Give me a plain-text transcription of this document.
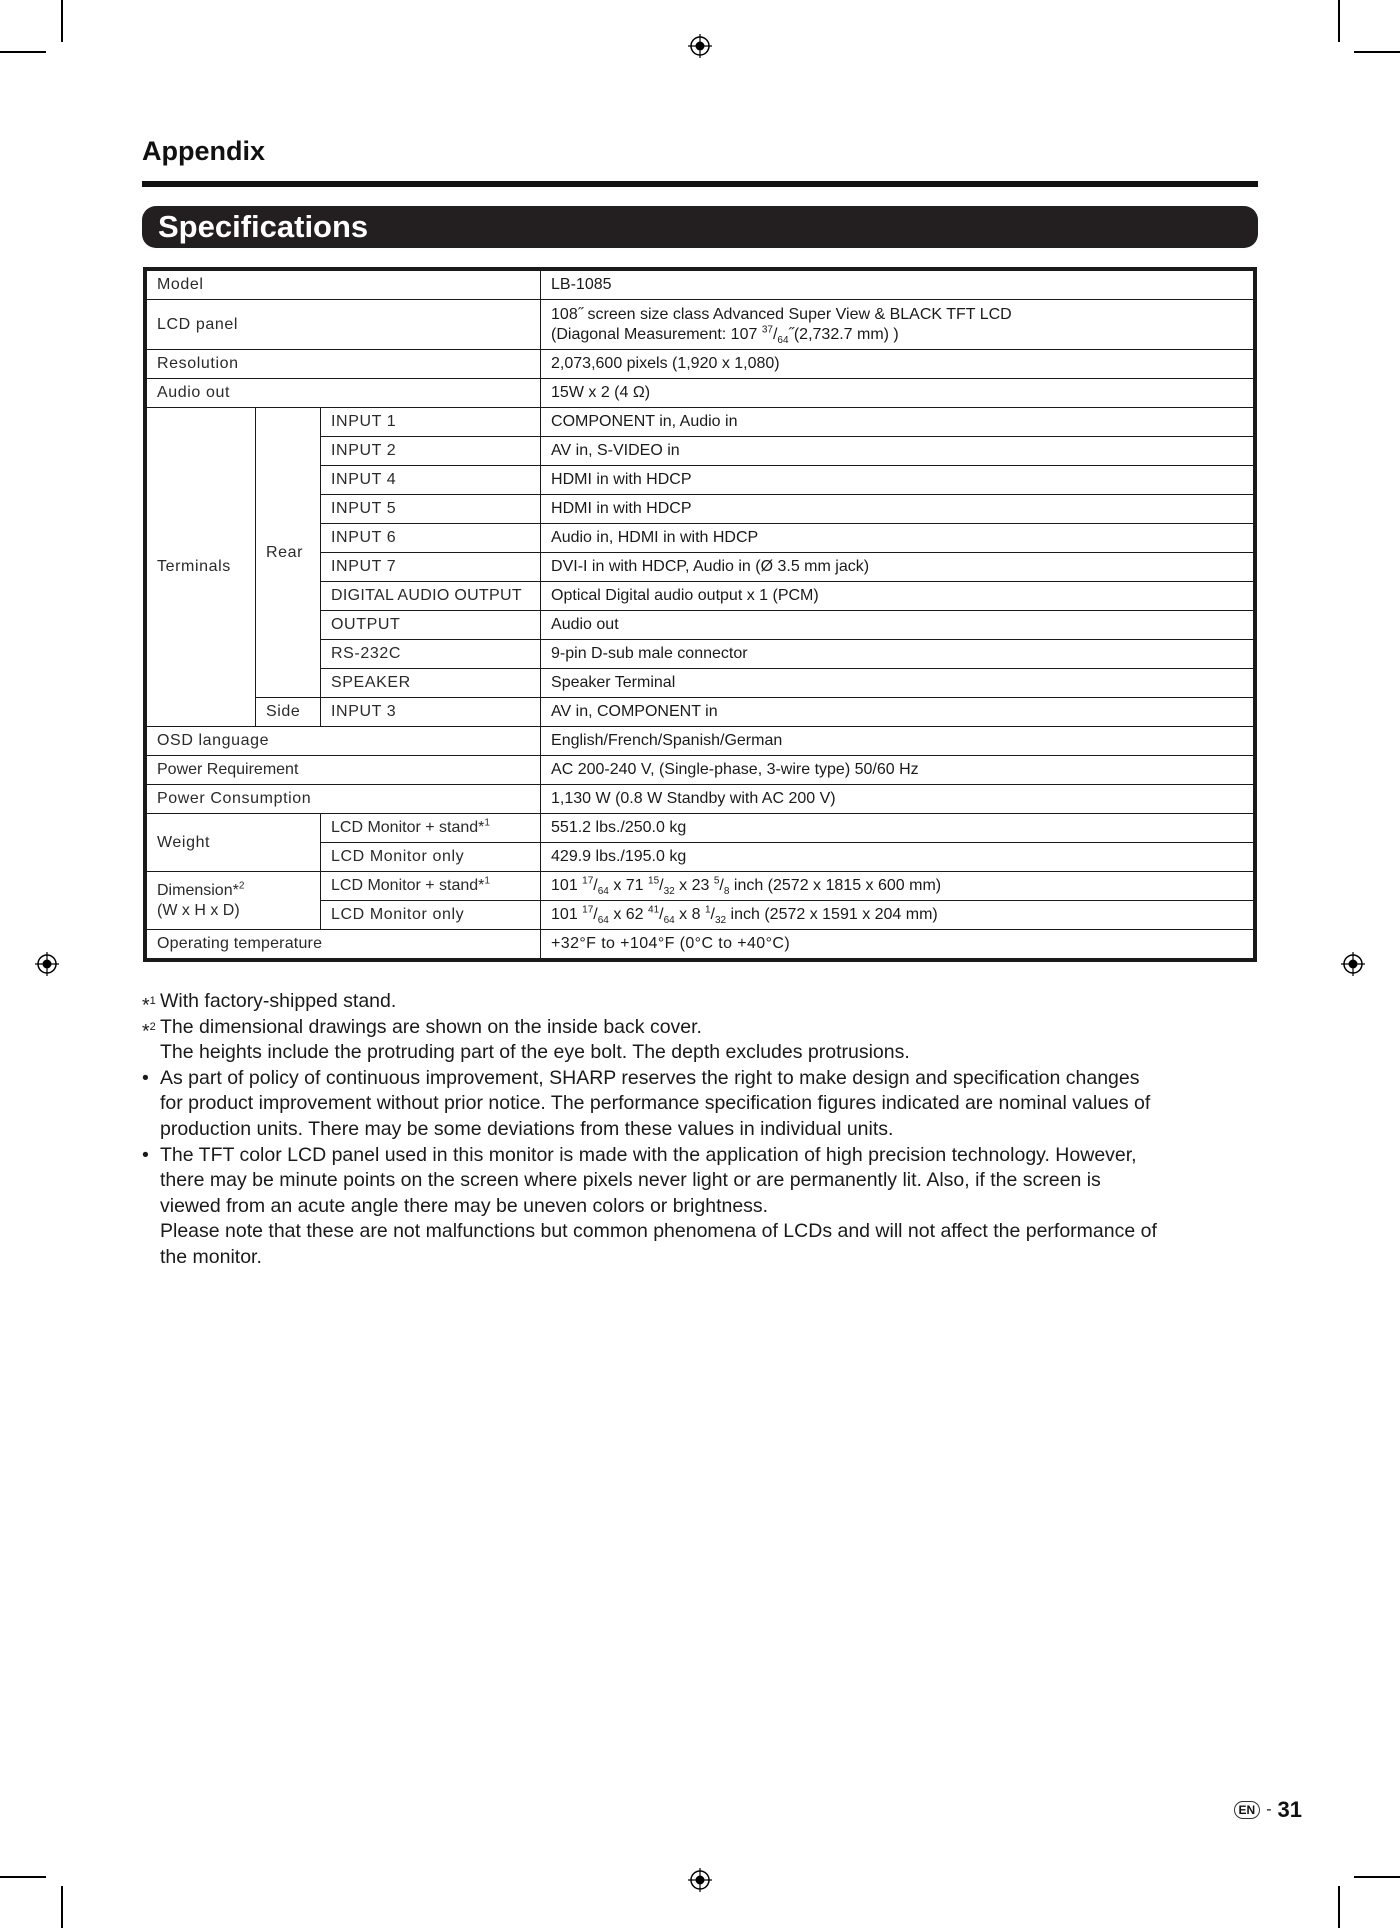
Appendix
Specifications
Model			LB-1085
LCD panel			108˝ screen size class Advanced Super View & BLACK TFT LCD
(Diagonal Measurement: 107 $^{37}/_{64}˝(2,732.7$ mm) )

Resolution			2,073,600 pixels (1,920 x 1,080)
Audio out			15W x 2 (4 Ω)
Terminals	Rear	INPUT 1	COMPONENT in, Audio in
		INPUT 2	AV in, S-VIDEO in
		INPUT 4	HDMI in with HDCP
		INPUT 5	HDMI in with HDCP
		INPUT 6	Audio in, HDMI in with HDCP
		INPUT 7	DVI-I in with HDCP, Audio in (Ø 3.5 mm jack)
		DIGITAL AUDIO OUTPUT	Optical Digital audio output x 1 (PCM)
		OUTPUT	Audio out
		RS-232C	9-pin D-sub male connector
		SPEAKER	Speaker Terminal
	Side	INPUT 3	AV in, COMPONENT in
OSD language			English/French/Spanish/German
Power Requirement			AC 200-240 V, (Single-phase, 3-wire type) 50/60 Hz
Power Consumption			1,130 W (0.8 W Standby with AC 200 V)
Weight		LCD Monitor + stand*$^1$	551.2 lbs./250.0 kg
		LCD Monitor only	429.9 lbs./195.0 kg

Dimension*$^2$
(W x H x D)		LCD Monitor + stand*$^1$	101 $^{17}/_{64}$ x 71 $^{15}/_{32}$ x 23 $^5/_8$ inch (2572 x 1815 x 600 mm)
		LCD Monitor only	101 $^{17}/_{64}$ x 62 $^{41}/_{64}$ x 8 $^1/_{32}$ inch (2572 x 1591 x 204 mm)
Operating temperature			+32°F to +104°F (0°C to +40°C)
*$^1$ With factory-shipped stand.
*$^2$ The dimensional drawings are shown on the inside back cover.
The heights include the protruding part of the eye bolt. The depth excludes protrusions.
• As part of policy of continuous improvement, SHARP reserves the right to make design and specification changes
for product improvement without prior notice. The performance specification figures indicated are nominal values of
production units. There may be some deviations from these values in individual units.
• The TFT color LCD panel used in this monitor is made with the application of high precision technology. However,
there may be minute points on the screen where pixels never light or are permanently lit. Also, if the screen is
viewed from an acute angle there may be uneven colors or brightness.
Please note that these are not malfunctions but common phenomena of LCDs and will not affect the performance of
the monitor.
EN - 31
